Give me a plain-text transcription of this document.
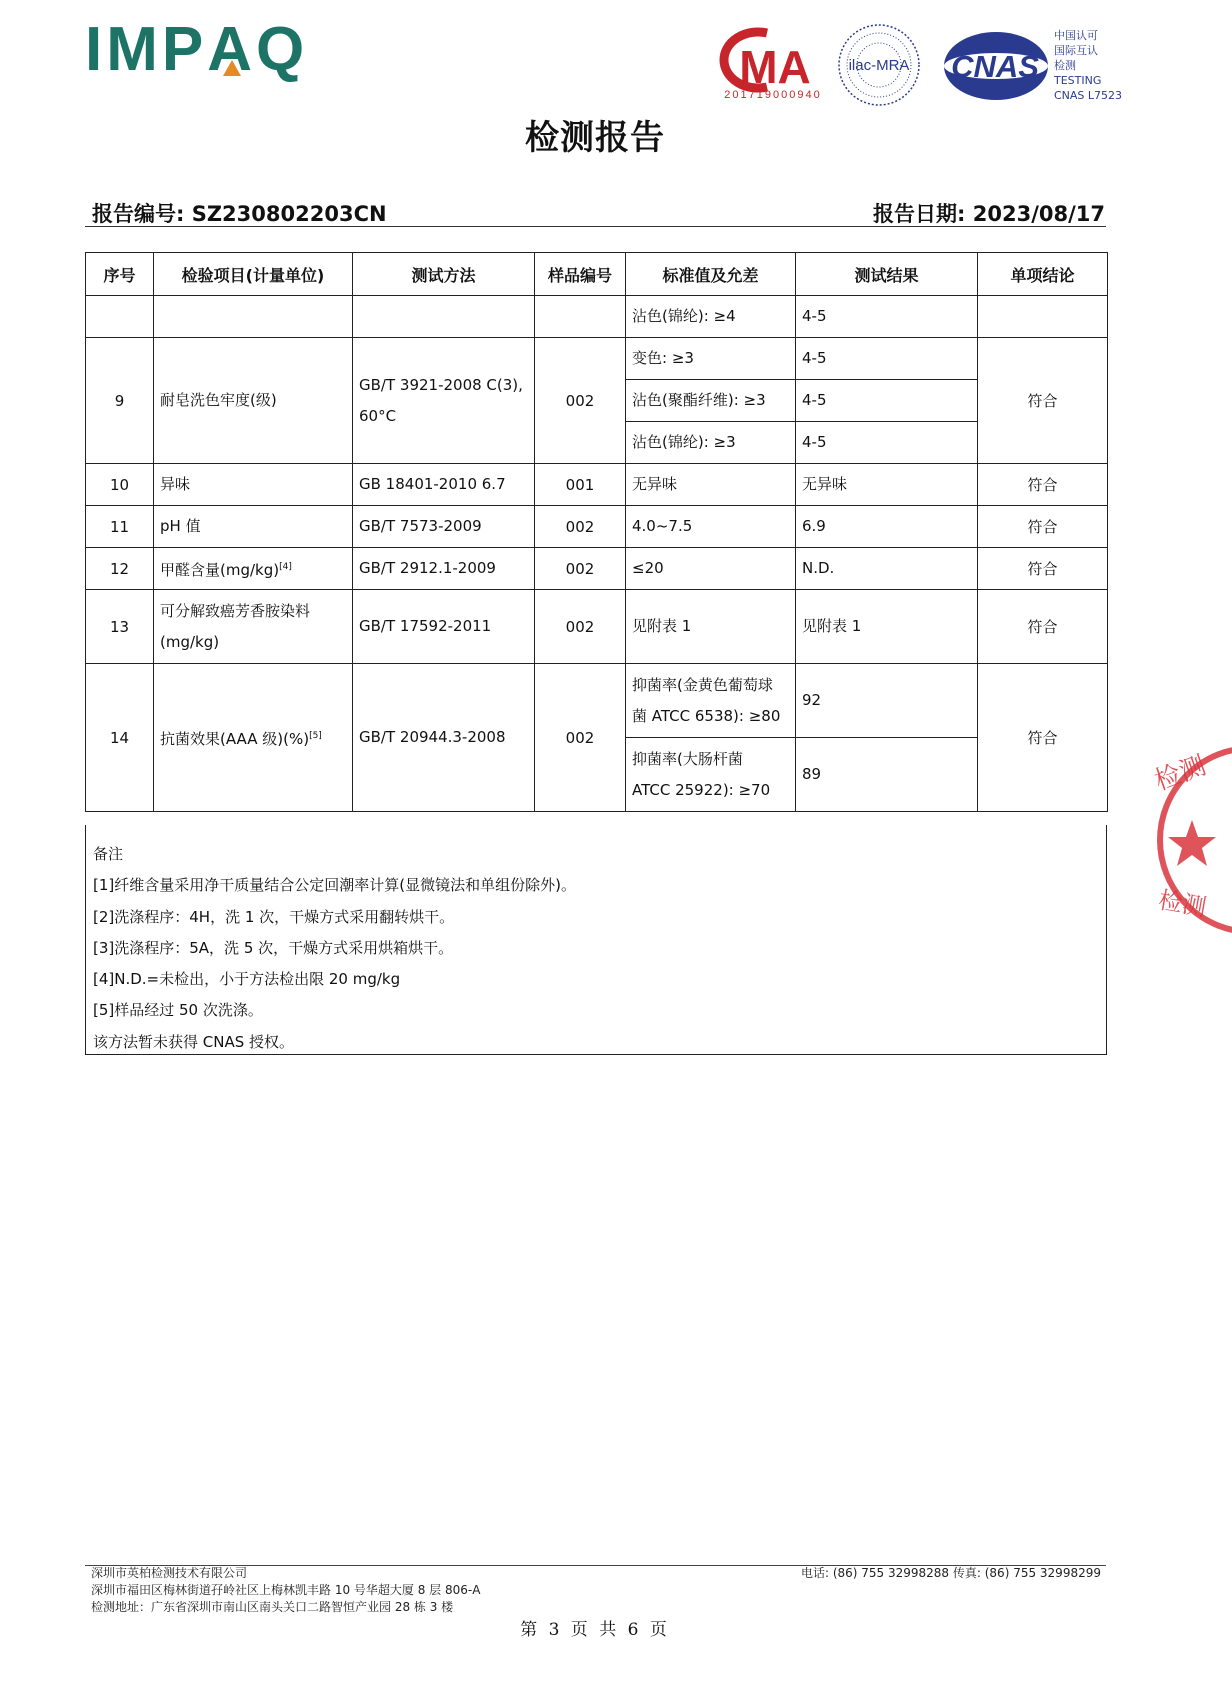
IMPA
Q	MA
201719000940
ilac-MRA CNAS
中国认可
国际互认
检测
TESTING
CNAS L7523
检测报告
报告编号: SZ230802203CN	报告日期: 2023/08/17
序号	检验项目(计量单位)	测试方法	样品编号	标准值及允差	测试结果	单项结论
				沾色(锦纶): ≥4	4-5	
9	耐皂洗色牢度(级)	GB/T 3921-2008 C(3),
60°C	002	变色: ≥3	4-5	符合
				沾色(聚酯纤维): ≥3	4-5	
				沾色(锦纶): ≥3	4-5	
10	异味	GB 18401-2010 6.7	001	无异味	无异味	符合
11	pH 值	GB/T 7573-2009	002	4.0~7.5	6.9	符合
12	甲醛含量(mg/kg)[4]	GB/T 2912.1-2009	002	≤20	N.D.	符合
13	可分解致癌芳香胺染料
(mg/kg)	GB/T 17592-2011	002	见附表 1	见附表 1	符合
14	抗菌效果(AAA 级)(%)[5]	GB/T 20944.3-2008	002	抑菌率(金黄色葡萄球
菌 ATCC 6538): ≥80	92	符合

				抑菌率(大肠杆菌
ATCC 25922): ≥70	89	
备注
[1]纤维含量采用净干质量结合公定回潮率计算(显微镜法和单组份除外)。
[2]洗涤程序：4H，洗 1 次，干燥方式采用翻转烘干。
[3]洗涤程序：5A，洗 5 次，干燥方式采用烘箱烘干。
[4]N.D.=未检出，小于方法检出限 20 mg/kg
[5]样品经过 50 次洗涤。
该方法暂未获得 CNAS 授权。
检测
检测
深圳市英柏检测技术有限公司
深圳市福田区梅林街道孖岭社区上梅林凯丰路 10 号华超大厦 8 层 806-A
检测地址：广东省深圳市南山区南头关口二路智恒产业园 28 栋 3 楼
电话: (86) 755 32998288 传真: (86) 755 32998299
第 3 页 共 6 页
